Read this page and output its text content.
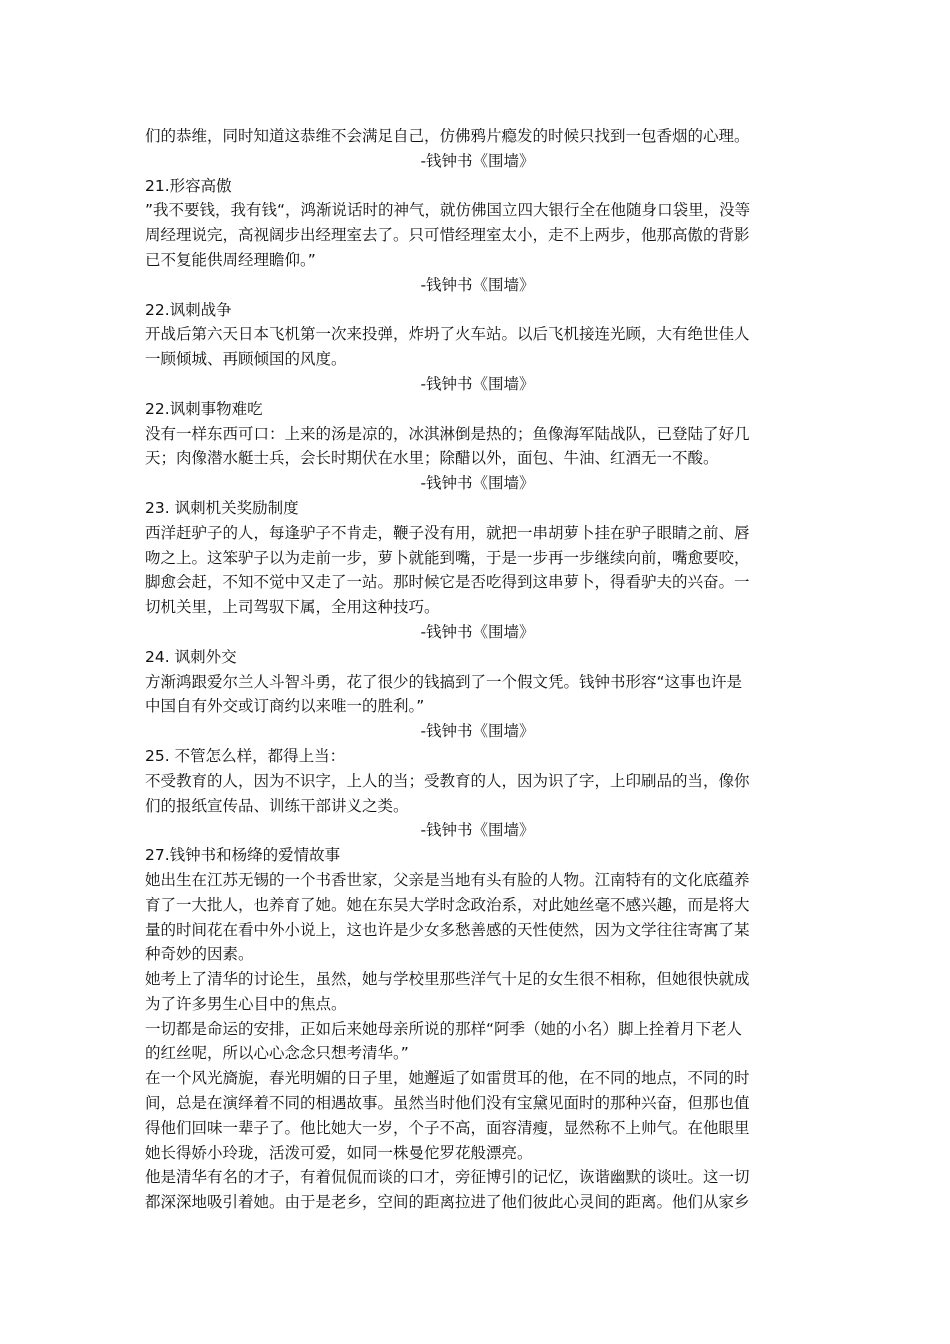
们的恭维，同时知道这恭维不会满足自己，仿佛鸦片瘾发的时候只找到一包香烟的心理。
-钱钟书《围墙》
21.形容高傲
”我不要钱，我有钱“，鸿渐说话时的神气，就仿佛国立四大银行全在他随身口袋里，没等
周经理说完，高视阔步出经理室去了。只可惜经理室太小，走不上两步，他那高傲的背影
已不复能供周经理瞻仰。”
-钱钟书《围墙》
22.讽刺战争
开战后第六天日本飞机第一次来投弹，炸坍了火车站。以后飞机接连光顾，大有绝世佳人
一顾倾城、再顾倾国的风度。
-钱钟书《围墙》
22.讽刺事物难吃
没有一样东西可口：上来的汤是凉的，冰淇淋倒是热的；鱼像海军陆战队，已登陆了好几
天；肉像潜水艇士兵，会长时期伏在水里；除醋以外，面包、牛油、红酒无一不酸。
-钱钟书《围墙》
23. 讽刺机关奖励制度
西洋赶驴子的人，每逢驴子不肯走，鞭子没有用，就把一串胡萝卜挂在驴子眼睛之前、唇
吻之上。这笨驴子以为走前一步，萝卜就能到嘴，于是一步再一步继续向前，嘴愈要咬，
脚愈会赶，不知不觉中又走了一站。那时候它是否吃得到这串萝卜，得看驴夫的兴奋。一
切机关里，上司驾驭下属，全用这种技巧。
-钱钟书《围墙》
24. 讽刺外交
方渐鸿跟爱尔兰人斗智斗勇，花了很少的钱搞到了一个假文凭。钱钟书形容“这事也许是
中国自有外交或订商约以来唯一的胜利。”
-钱钟书《围墙》
25. 不管怎么样，都得上当：
不受教育的人，因为不识字，上人的当；受教育的人，因为识了字，上印刷品的当，像你
们的报纸宣传品、训练干部讲义之类。
-钱钟书《围墙》
27.钱钟书和杨绛的爱情故事
她出生在江苏无锡的一个书香世家，父亲是当地有头有脸的人物。江南特有的文化底蕴养
育了一大批人，也养育了她。她在东吴大学时念政治系，对此她丝毫不感兴趣，而是将大
量的时间花在看中外小说上，这也许是少女多愁善感的天性使然，因为文学往往寄寓了某
种奇妙的因素。
她考上了清华的讨论生，虽然，她与学校里那些洋气十足的女生很不相称，但她很快就成
为了许多男生心目中的焦点。
一切都是命运的安排，正如后来她母亲所说的那样“阿季（她的小名）脚上拴着月下老人
的红丝呢，所以心心念念只想考清华。”
在一个风光旖旎，春光明媚的日子里，她邂逅了如雷贯耳的他，在不同的地点，不同的时
间，总是在演绎着不同的相遇故事。虽然当时他们没有宝黛见面时的那种兴奋，但那也值
得他们回味一辈子了。他比她大一岁，个子不高，面容清瘦，显然称不上帅气。在他眼里
她长得娇小玲珑，活泼可爱，如同一株曼佗罗花般漂亮。
他是清华有名的才子，有着侃侃而谈的口才，旁征博引的记忆，诙谐幽默的谈吐。这一切
都深深地吸引着她。由于是老乡，空间的距离拉进了他们彼此心灵间的距离。他们从家乡
